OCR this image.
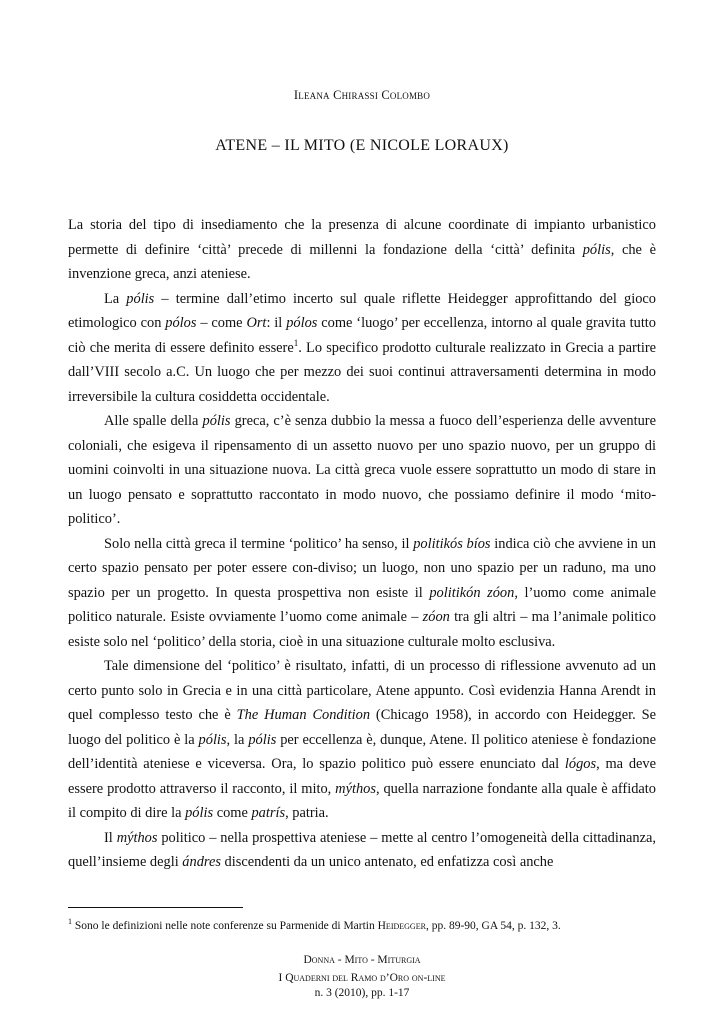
Ileana Chirassi Colombo
ATENE – IL MITO (E NICOLE LORAUX)

La storia del tipo di insediamento che la presenza di alcune coordinate di impianto urbanistico permette di definire ‘città’ precede di millenni la fondazione della ‘città’ definita pólis, che è invenzione greca, anzi ateniese.

La pólis – termine dall’etimo incerto sul quale riflette Heidegger approfittando del gioco etimologico con pólos – come Ort: il pólos come ‘luogo’ per eccellenza, intorno al quale gravita tutto ciò che merita di essere definito essere$^1$. Lo specifico prodotto culturale realizzato in Grecia a partire dall’VIII secolo a.C. Un luogo che per mezzo dei suoi continui attraversamenti determina in modo irreversibile la cultura cosiddetta occidentale.

Alle spalle della pólis greca, c’è senza dubbio la messa a fuoco dell’esperienza delle avventure coloniali, che esigeva il ripensamento di un assetto nuovo per uno spazio nuovo, per un gruppo di uomini coinvolti in una situazione nuova. La città greca vuole essere soprattutto un modo di stare in un luogo pensato e soprattutto raccontato in modo nuovo, che possiamo definire il modo ‘mito-politico’.

Solo nella città greca il termine ‘politico’ ha senso, il politikós bíos indica ciò che avviene in un certo spazio pensato per poter essere con-diviso; un luogo, non uno spazio per un raduno, ma uno spazio per un progetto. In questa prospettiva non esiste il politikón zóon, l’uomo come animale politico naturale. Esiste ovviamente l’uomo come animale – zóon tra gli altri – ma l’animale politico esiste solo nel ‘politico’ della storia, cioè in una situazione culturale molto esclusiva.

Tale dimensione del ‘politico’ è risultato, infatti, di un processo di riflessione avvenuto ad un certo punto solo in Grecia e in una città particolare, Atene appunto. Così evidenzia Hanna Arendt in quel complesso testo che è The Human Condition (Chicago 1958), in accordo con Heidegger. Se luogo del politico è la pólis, la pólis per eccellenza è, dunque, Atene. Il politico ateniese è fondazione dell’identità ateniese e viceversa. Ora, lo spazio politico può essere enunciato dal lógos, ma deve essere prodotto attraverso il racconto, il mito, mýthos, quella narrazione fondante alla quale è affidato il compito di dire la pólis come patrís, patria.

Il mýthos politico – nella prospettiva ateniese – mette al centro l’omogeneità della cittadinanza, quell’insieme degli ándres discendenti da un unico antenato, ed enfatizza così anche

$^1$ Sono le definizioni nelle note conferenze su Parmenide di Martin Heidegger, pp. 89-90, GA 54, p. 132, 3.
Donna - Mito - Miturgia
I Quaderni del Ramo d’Oro on-line
n. 3 (2010), pp. 1-17
